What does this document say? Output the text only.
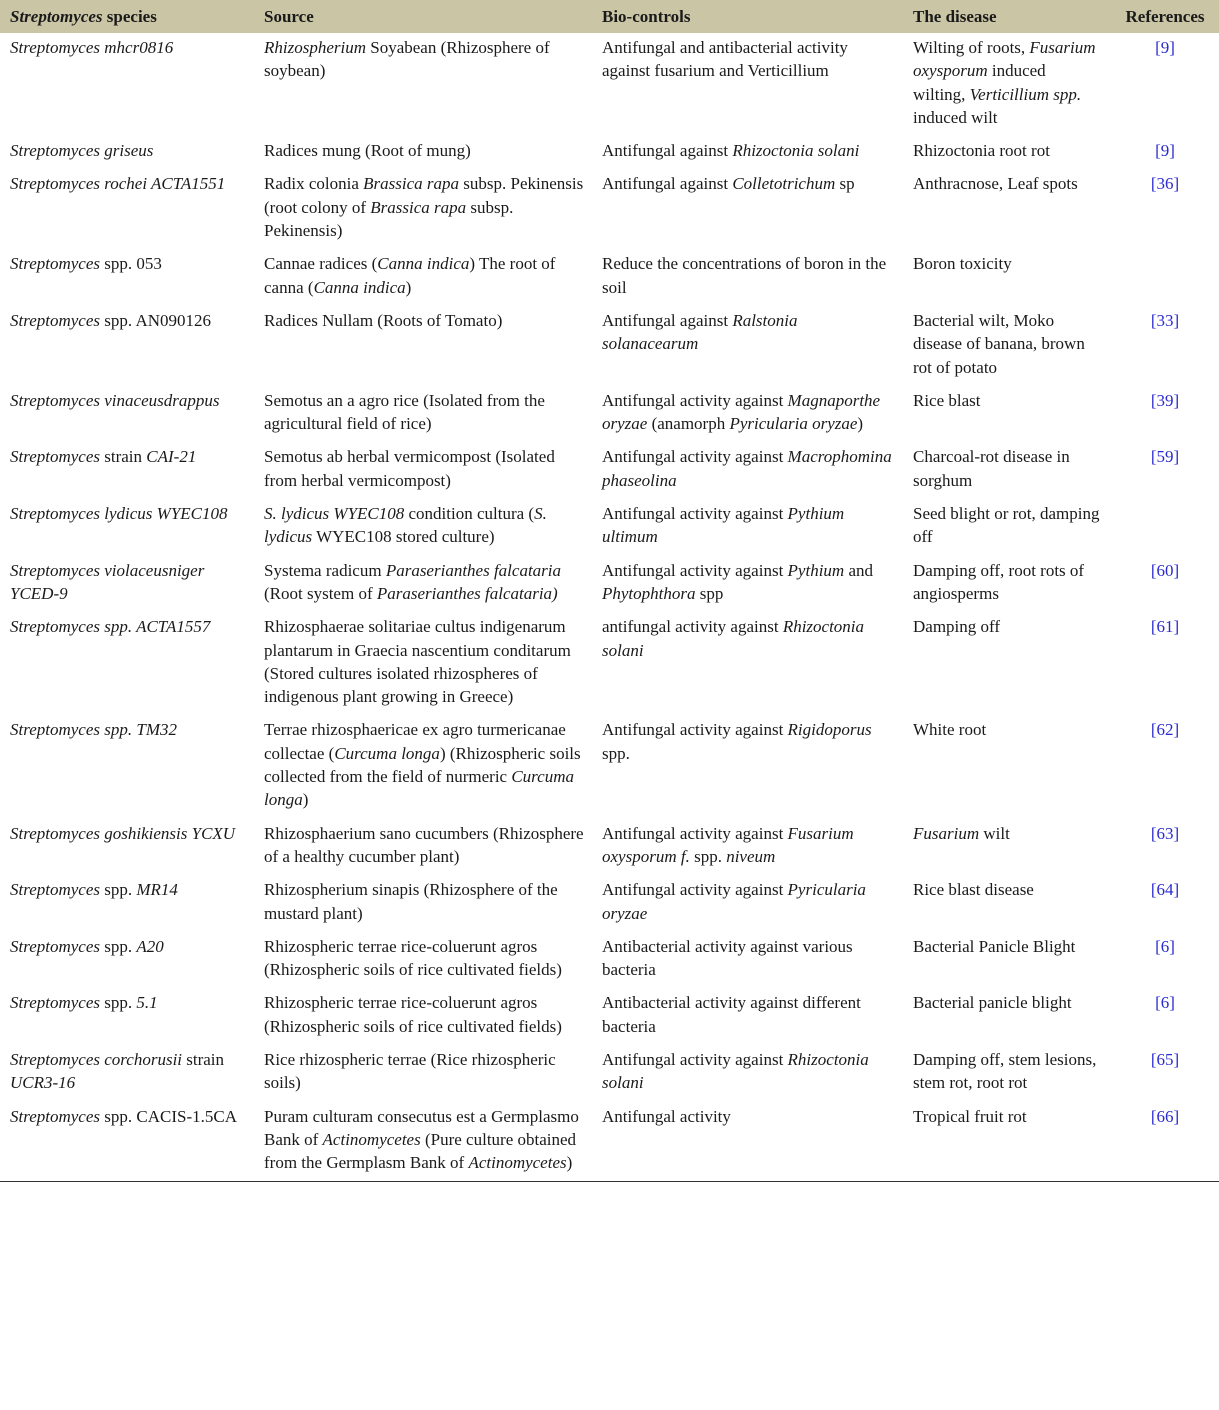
Streptomyces species	Source	Bio-controls	The disease	References
Streptomyces mhcr0816	Rhizospherium Soyabean (Rhizosphere of soybean)	Antifungal and antibacterial activity against fusarium and Verticillium	Wilting of roots, Fusarium oxysporum induced wilting, Verticillium spp. induced wilt	[9]
Streptomyces griseus	Radices mung (Root of mung)	Antifungal against Rhizoctonia solani	Rhizoctonia root rot	[9]
Streptomyces rochei ACTA1551	Radix colonia Brassica rapa subsp. Pekinensis (root colony of Brassica rapa subsp. Pekinensis)	Antifungal against Colletotrichum sp	Anthracnose, Leaf spots	[36]
Streptomyces spp. 053	Cannae radices (Canna indica) The root of canna (Canna indica)	Reduce the concentrations of boron in the soil	Boron toxicity	
Streptomyces spp. AN090126	Radices Nullam (Roots of Tomato)	Antifungal against Ralstonia solanacearum	Bacterial wilt, Moko disease of banana, brown rot of potato	[33]
Streptomyces vinaceusdrappus	Semotus an a agro rice (Isolated from the agricultural field of rice)	Antifungal activity against Magnaporthe oryzae (anamorph Pyricularia oryzae)	Rice blast	[39]
Streptomyces strain CAI-21	Semotus ab herbal vermicompost (Isolated from herbal vermicompost)	Antifungal activity against Macrophomina phaseolina	Charcoal-rot disease in sorghum	[59]
Streptomyces lydicus WYEC108	S. lydicus WYEC108 condition cultura (S. lydicus WYEC108 stored culture)	Antifungal activity against Pythium ultimum	Seed blight or rot, damping off	
Streptomyces violaceusniger YCED-9	Systema radicum Paraserianthes falcataria (Root system of Paraserianthes falcataria)	Antifungal activity against Pythium and Phytophthora spp	Damping off, root rots of angiosperms	[60]
Streptomyces spp. ACTA1557	Rhizosphaerae solitariae cultus indigenarum plantarum in Graecia nascentium conditarum (Stored cultures isolated rhizospheres of indigenous plant growing in Greece)	antifungal activity against Rhizoctonia solani	Damping off	[61]
Streptomyces spp. TM32	Terrae rhizosphaericae ex agro turmericanae collectae (Curcuma longa) (Rhizospheric soils collected from the field of nurmeric Curcuma longa)	Antifungal activity against Rigidoporus spp.	White root	[62]
Streptomyces goshikiensis YCXU	Rhizosphaerium sano cucumbers (Rhizosphere of a healthy cucumber plant)	Antifungal activity against Fusarium oxysporum f. spp. niveum	Fusarium wilt	[63]
Streptomyces spp. MR14	Rhizospherium sinapis (Rhizosphere of the mustard plant)	Antifungal activity against Pyricularia oryzae	Rice blast disease	[64]
Streptomyces spp. A20	Rhizospheric terrae rice-coluerunt agros (Rhizospheric soils of rice cultivated fields)	Antibacterial activity against various bacteria	Bacterial Panicle Blight	[6]
Streptomyces spp. 5.1	Rhizospheric terrae rice-coluerunt agros (Rhizospheric soils of rice cultivated fields)	Antibacterial activity against different bacteria	Bacterial panicle blight	[6]
Streptomyces corchorusii strain UCR3-16	Rice rhizospheric terrae (Rice rhizospheric soils)	Antifungal activity against Rhizoctonia solani	Damping off, stem lesions, stem rot, root rot	[65]
Streptomyces spp. CACIS-1.5CA	Puram culturam consecutus est a Germplasmo Bank of Actinomycetes (Pure culture obtained from the Germplasm Bank of Actinomycetes)	Antifungal activity	Tropical fruit rot	[66]
